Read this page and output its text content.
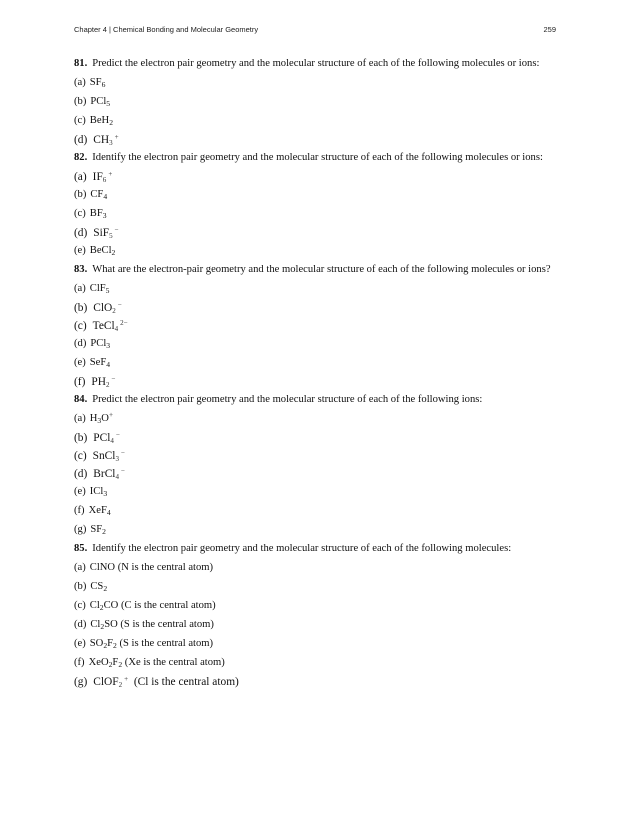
Chapter 4 | Chemical Bonding and Molecular Geometry	259
81. Predict the electron pair geometry and the molecular structure of each of the following molecules or ions:
(a) $SF_6$
(b) PCl$_5$
(c) BeH$_2$
(d) $CH_3^+$
82. Identify the electron pair geometry and the molecular structure of each of the following molecules or ions:
(a) $IF_6^+$
(b) $CF_4$
(c) $BF_3$
(d) SiF$_5$−
(e) BeCl$_2$
83. What are the electron-pair geometry and the molecular structure of each of the following molecules or ions?
(a) ClF$_5$
(b) ClO$_2$−
(c) TeCl$_4^{2-}$
(d) PCl$_3$
(e) SeF$_4$
(f) $PH_2^-$
84. Predict the electron pair geometry and the molecular structure of each of the following ions:
(a) $H_3O^+$
(b) PCl$_4$−
(c) SnCl$_3$−
(d) BrCl$_4$−
(e) ICl$_3$
(f) XeF$_4$
(g) $SF_2$
85. Identify the electron pair geometry and the molecular structure of each of the following molecules:
(a) ClNO (N is the central atom)
(b) $CS_2$
(c) $Cl_2CO$ (C is the central atom)
(d) $Cl_2SO$ (S is the central atom)
(e) $SO_2F_2$ (S is the central atom)
(f) $XeO_2F_2$ (Xe is the central atom)
(g) ClOF$_2$+  (Cl is the central atom)
